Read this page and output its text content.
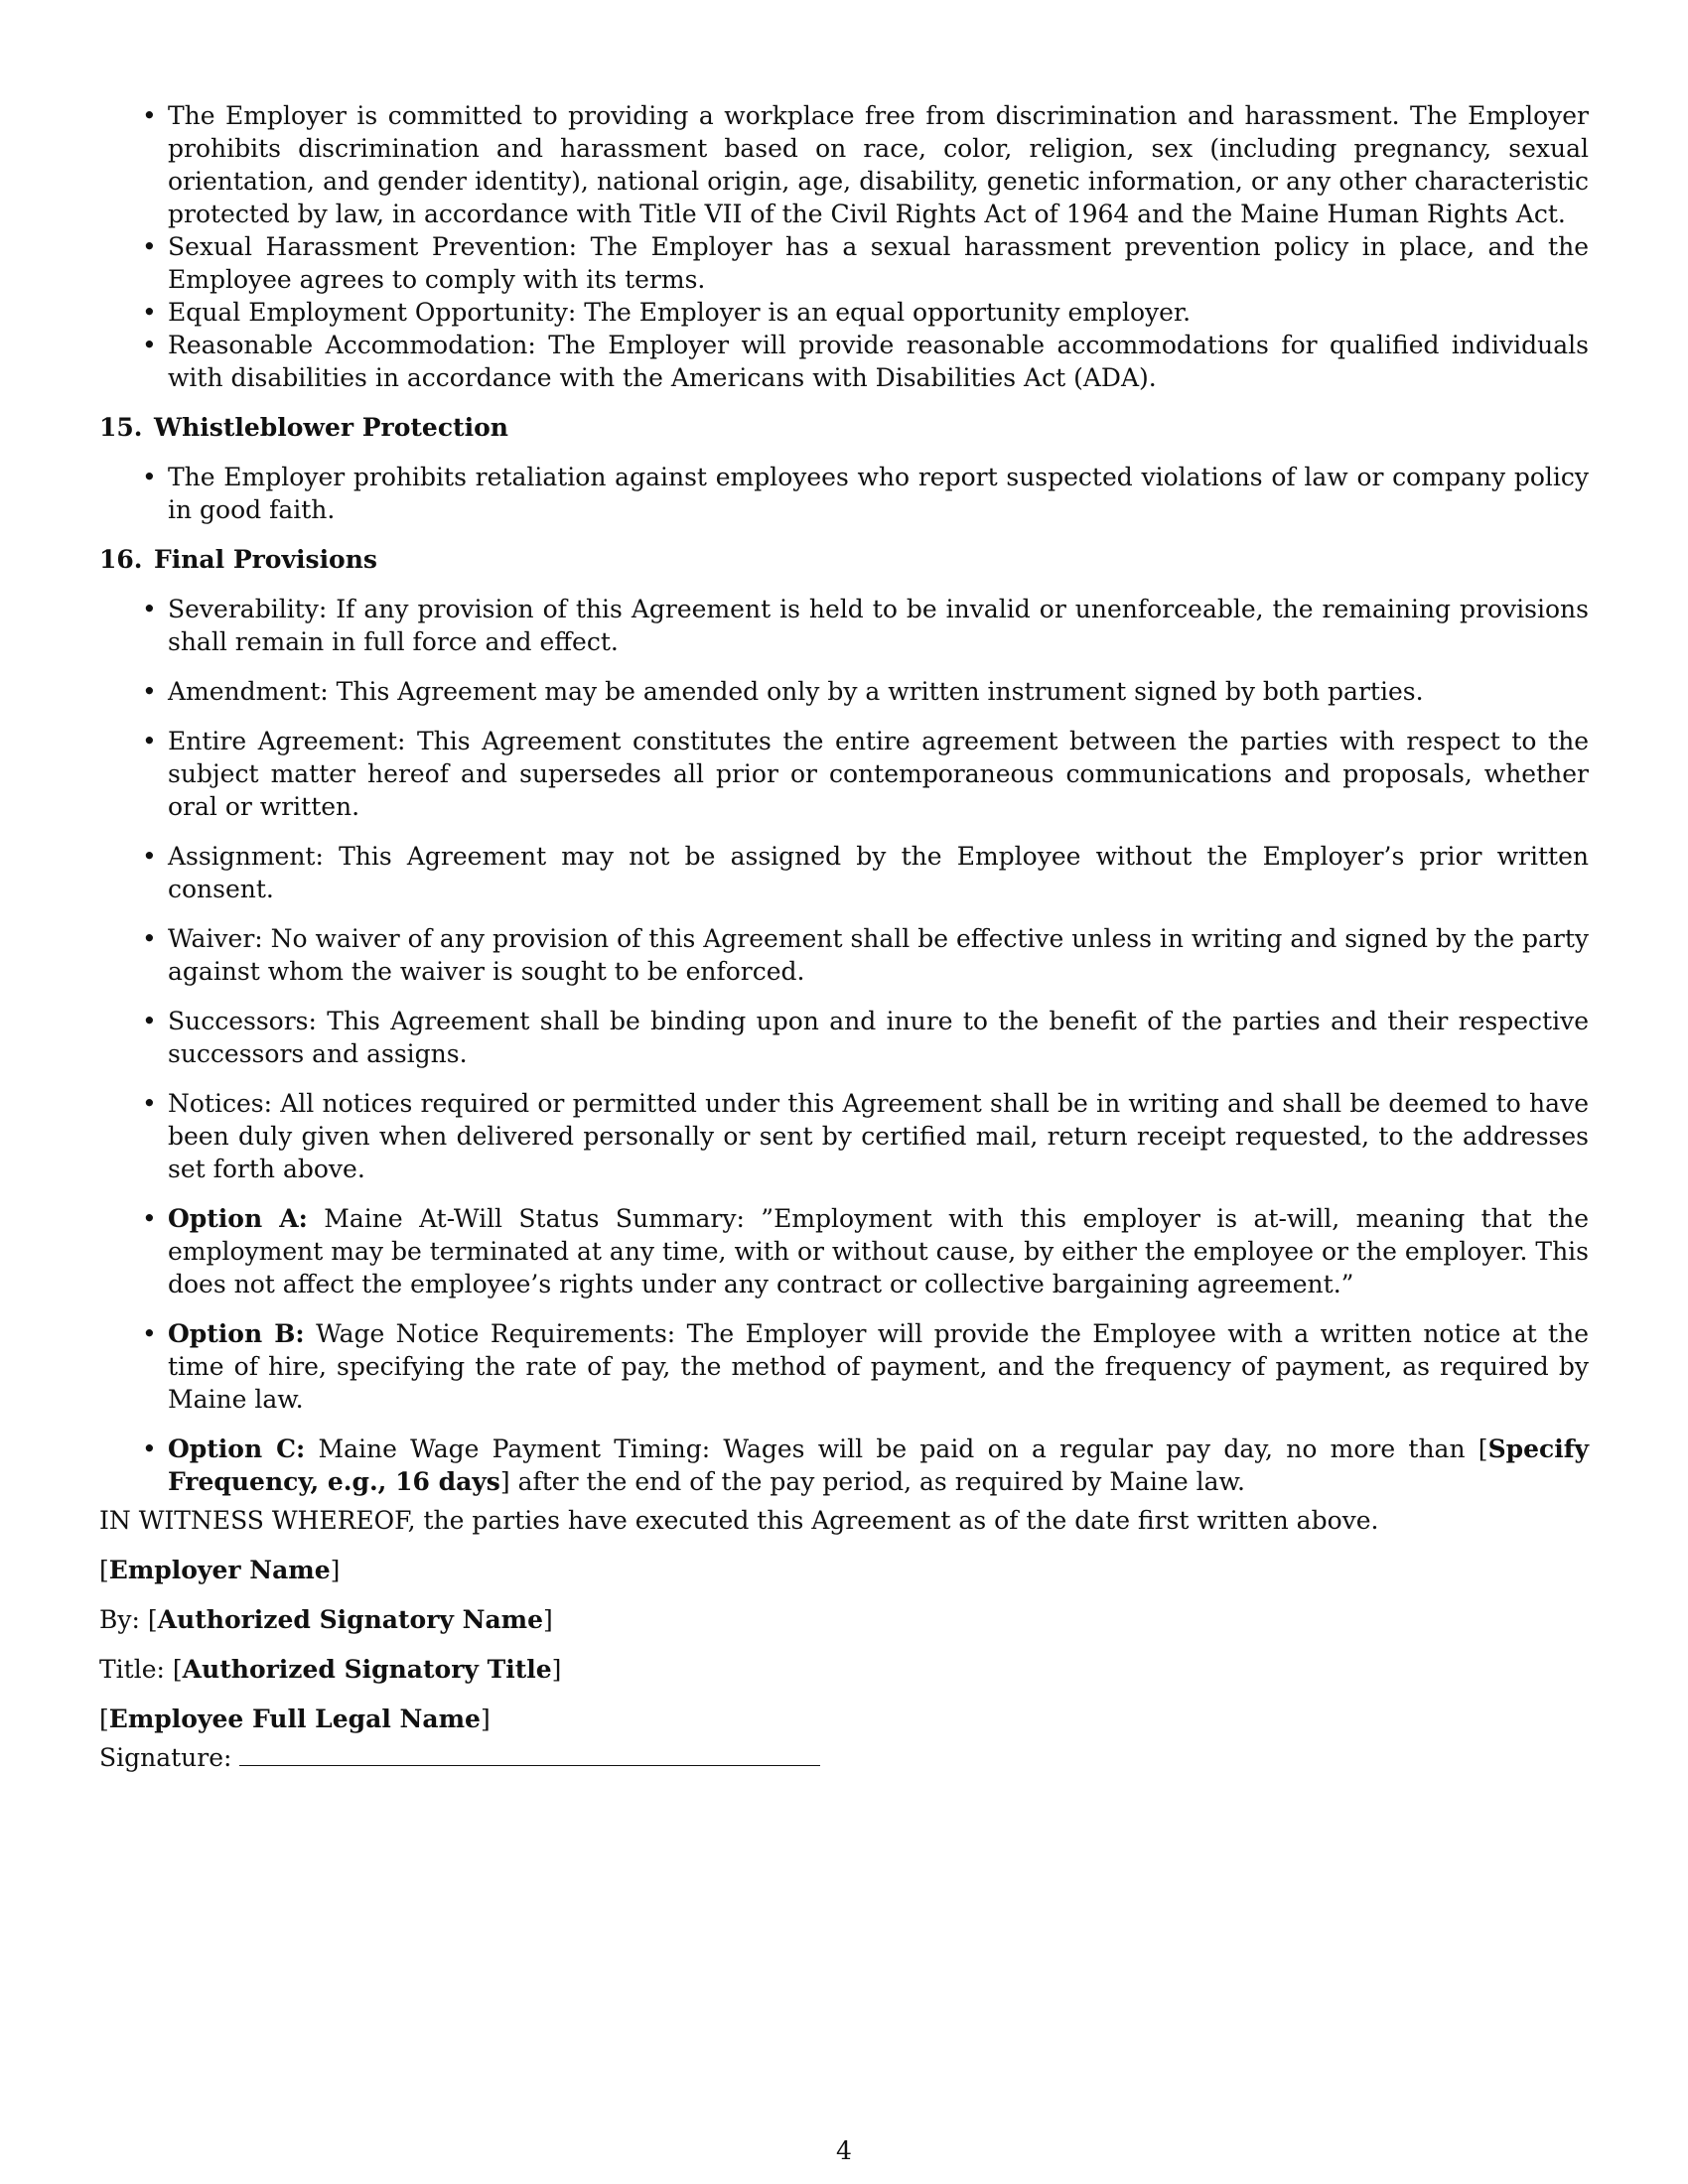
• The Employer is committed to providing a workplace free from discrimination and harassment. The Employer prohibits discrimination and harassment based on race, color, religion, sex (including pregnancy, sexual orientation, and gender identity), national origin, age, disability, genetic information, or any other characteristic protected by law, in accordance with Title VII of the Civil Rights Act of 1964 and the Maine Human Rights Act.
• Sexual Harassment Prevention: The Employer has a sexual harassment prevention policy in place, and the Employee agrees to comply with its terms.
• Equal Employment Opportunity: The Employer is an equal opportunity employer.
• Reasonable Accommodation: The Employer will provide reasonable accommodations for qualified individuals with disabilities in accordance with the Americans with Disabilities Act (ADA).
15. Whistleblower Protection
• The Employer prohibits retaliation against employees who report suspected violations of law or company policy in good faith.
16. Final Provisions
• Severability: If any provision of this Agreement is held to be invalid or unenforceable, the remaining provisions shall remain in full force and effect.
• Amendment: This Agreement may be amended only by a written instrument signed by both parties.
• Entire Agreement: This Agreement constitutes the entire agreement between the parties with respect to the subject matter hereof and supersedes all prior or contemporaneous communications and proposals, whether oral or written.
• Assignment: This Agreement may not be assigned by the Employee without the Employer’s prior written consent.
• Waiver: No waiver of any provision of this Agreement shall be effective unless in writing and signed by the party against whom the waiver is sought to be enforced.
• Successors: This Agreement shall be binding upon and inure to the benefit of the parties and their respective successors and assigns.
• Notices: All notices required or permitted under this Agreement shall be in writing and shall be deemed to have been duly given when delivered personally or sent by certified mail, return receipt requested, to the addresses set forth above.
• Option A: Maine At-Will Status Summary: ”Employment with this employer is at-will, meaning that the employment may be terminated at any time, with or without cause, by either the employee or the employer. This does not affect the employee’s rights under any contract or collective bargaining agreement.”
• Option B: Wage Notice Requirements: The Employer will provide the Employee with a written notice at the time of hire, specifying the rate of pay, the method of payment, and the frequency of payment, as required by Maine law.
• Option C: Maine Wage Payment Timing: Wages will be paid on a regular pay day, no more than [Specify Frequency, e.g., 16 days] after the end of the pay period, as required by Maine law.

IN WITNESS WHEREOF, the parties have executed this Agreement as of the date first written above.

[Employer Name]

By: [Authorized Signatory Name]

Title: [Authorized Signatory Title]

[Employee Full Legal Name]

Signature:

4
